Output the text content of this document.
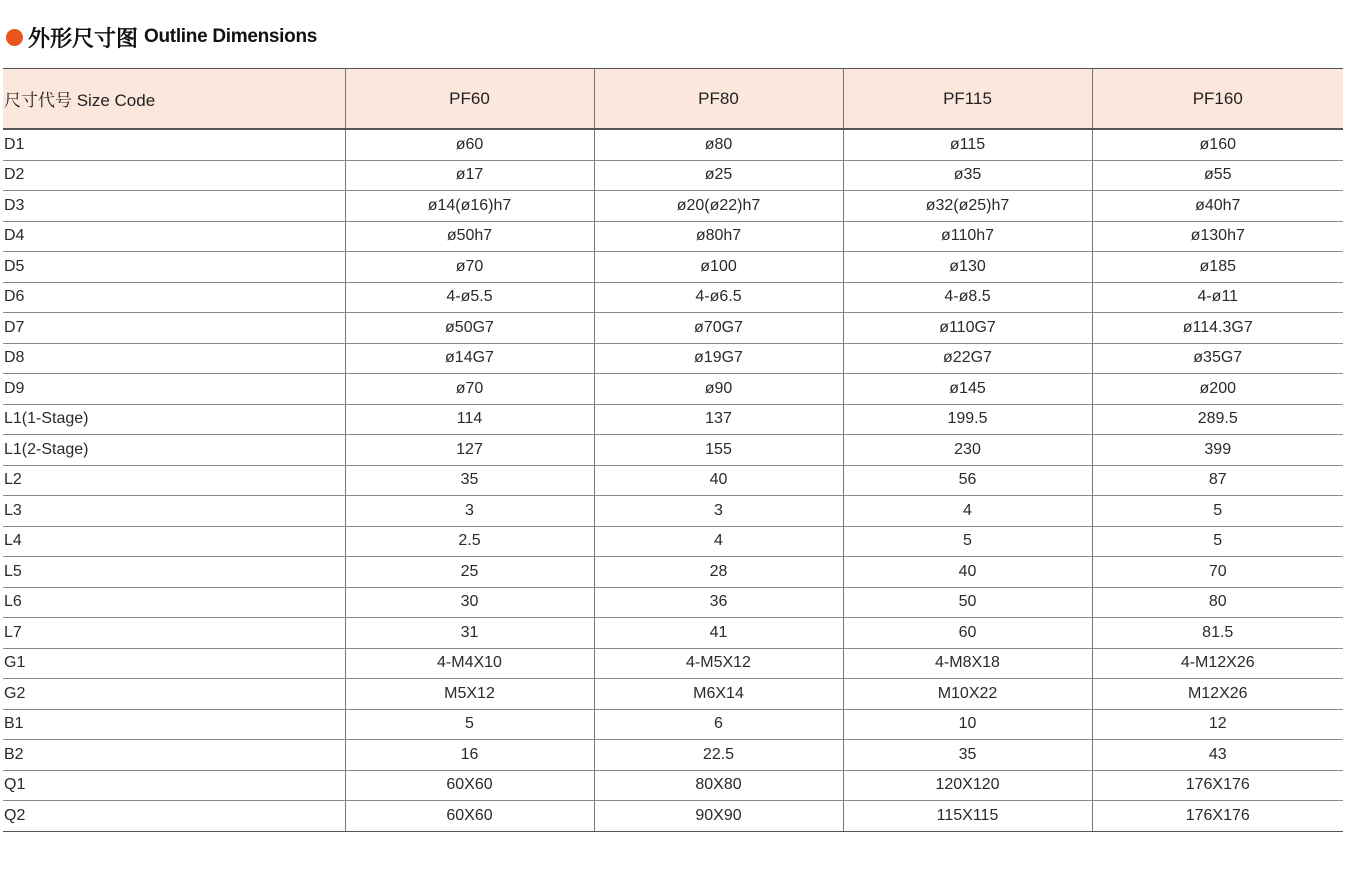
外形尺寸图 Outline Dimensions
尺寸代号 Size Code	PF60	PF80	PF115	PF160
D1	ø60	ø80	ø115	ø160
D2	ø17	ø25	ø35	ø55
D3	ø14(ø16)h7	ø20(ø22)h7	ø32(ø25)h7	ø40h7
D4	ø50h7	ø80h7	ø110h7	ø130h7
D5	ø70	ø100	ø130	ø185
D6	4-ø5.5	4-ø6.5	4-ø8.5	4-ø11
D7	ø50G7	ø70G7	ø110G7	ø114.3G7
D8	ø14G7	ø19G7	ø22G7	ø35G7
D9	ø70	ø90	ø145	ø200
L1(1-Stage)	114	137	199.5	289.5
L1(2-Stage)	127	155	230	399
L2	35	40	56	87
L3	3	3	4	5
L4	2.5	4	5	5
L5	25	28	40	70
L6	30	36	50	80
L7	31	41	60	81.5
G1	4-M4X10	4-M5X12	4-M8X18	4-M12X26
G2	M5X12	M6X14	M10X22	M12X26
B1	5	6	10	12
B2	16	22.5	35	43
Q1	60X60	80X80	120X120	176X176
Q2	60X60	90X90	115X115	176X176
